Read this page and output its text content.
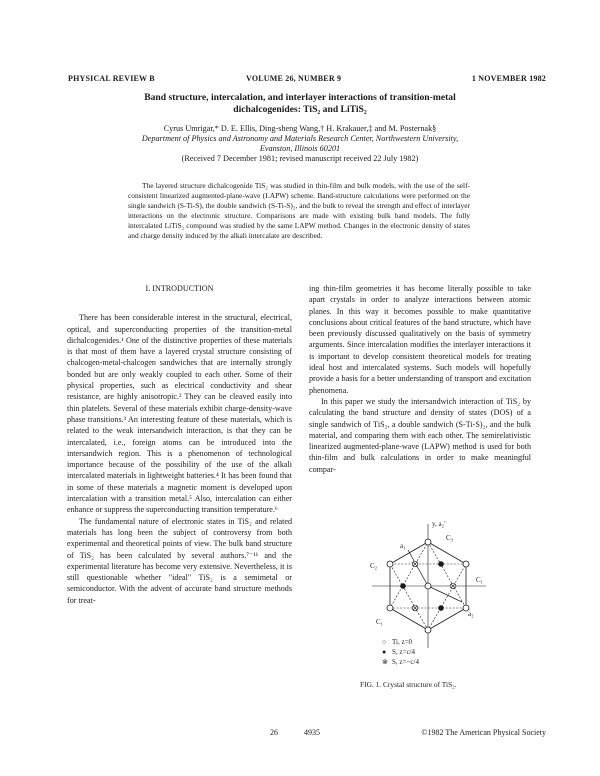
PHYSICAL REVIEW B	VOLUME 26, NUMBER 9	1 NOVEMBER 1982
Band structure, intercalation, and interlayer interactions of transition-metal
dichalcogenides: TiS₂ and LiTiS₂
Cyrus Umrigar,* D. E. Ellis, Ding-sheng Wang,† H. Krakauer,‡ and M. Posternak§
Department of Physics and Astronomy and Materials Research Center, Northwestern University,
Evanston, Illinois 60201
(Received 7 December 1981; revised manuscript received 22 July 1982)
The layered structure dichalcogenide TiS₂ was studied in thin-film and bulk models, with the use of the self-consistent linearized augmented-plane-wave (LAPW) scheme. Band-structure calculations were performed on the single sandwich (S-Ti-S), the double sandwich (S-Ti-S)₂, and the bulk to reveal the strength and effect of interlayer interactions on the electronic structure. Comparisons are made with existing bulk band models. The fully intercalated LiTiS₂ compound was studied by the same LAPW method. Changes in the electronic density of states and charge density induced by the alkali intercalate are described.

I. INTRODUCTION

There has been considerable interest in the structural, electrical, optical, and superconducting properties of the transition-metal dichalcogenides.¹ One of the distinctive properties of these materials is that most of them have a layered crystal structure consisting of chalcogen-metal-chalcogen sandwiches that are internally strongly bonded but are only weakly coupled to each other. Some of their physical properties, such as electrical conductivity and shear resistance, are highly anisotropic.² They can be cleaved easily into thin platelets. Several of these materials exhibit charge-density-wave phase transitions.³ An interesting feature of these materials, which is related to the weak intersandwich interaction, is that they can be intercalated, i.e., foreign atoms can be introduced into the intersandwich region. This is a phenomenon of technological importance because of the possibility of the use of the alkali intercalated materials in lightweight batteries.⁴ It has been found that in some of these materials a magnetic moment is developed upon intercalation with a transition metal.⁵ Also, intercalation can either enhance or suppress the superconducting transition temperature.⁶

The fundamental nature of electronic states in TiS₂ and related materials has long been the subject of controversy from both experimental and theoretical points of view. The bulk band structure of TiS₂ has been calculated by several authors.⁷⁻¹¹ and the experimental literature has become very extensive. Nevertheless, it is still questionable whether "ideal" TiS₂ is a semimetal or semiconductor. With the advent of accurate band structure methods for treat-

ing thin-film geometries it has become literally possible to take apart crystals in order to analyze interactions between atomic planes. In this way it becomes possible to make quantitative conclusions about critical features of the band structure, which have been previously discussed qualitatively on the basis of symmetry arguments. Since intercalation modifies the interlayer interactions it is important to develop consistent theoretical models for treating ideal host and intercalated systems. Such models will hopefully provide a basis for a better understanding of transport and excitation phenomena.

In this paper we study the intersandwich interaction of TiS₂ by calculating the band structure and density of states (DOS) of a single sandwich of TiS₂, a double sandwich (S-Ti-S)₂, and the bulk material, and comparing them with each other. The semirelativistic linearized augmented-plane-wave (LAPW) method is used for both thin-film and bulk calculations in order to make meaningful compar-

y, a₂′
a₁
C₃
C₂
a₂
C₁
C₁
○ Ti, z=0
● S, z=c/4
⊗ S, z=−c/4
FIG. 1. Crystal structure of TiS₂.
26	4935	©1982 The American Physical Society
